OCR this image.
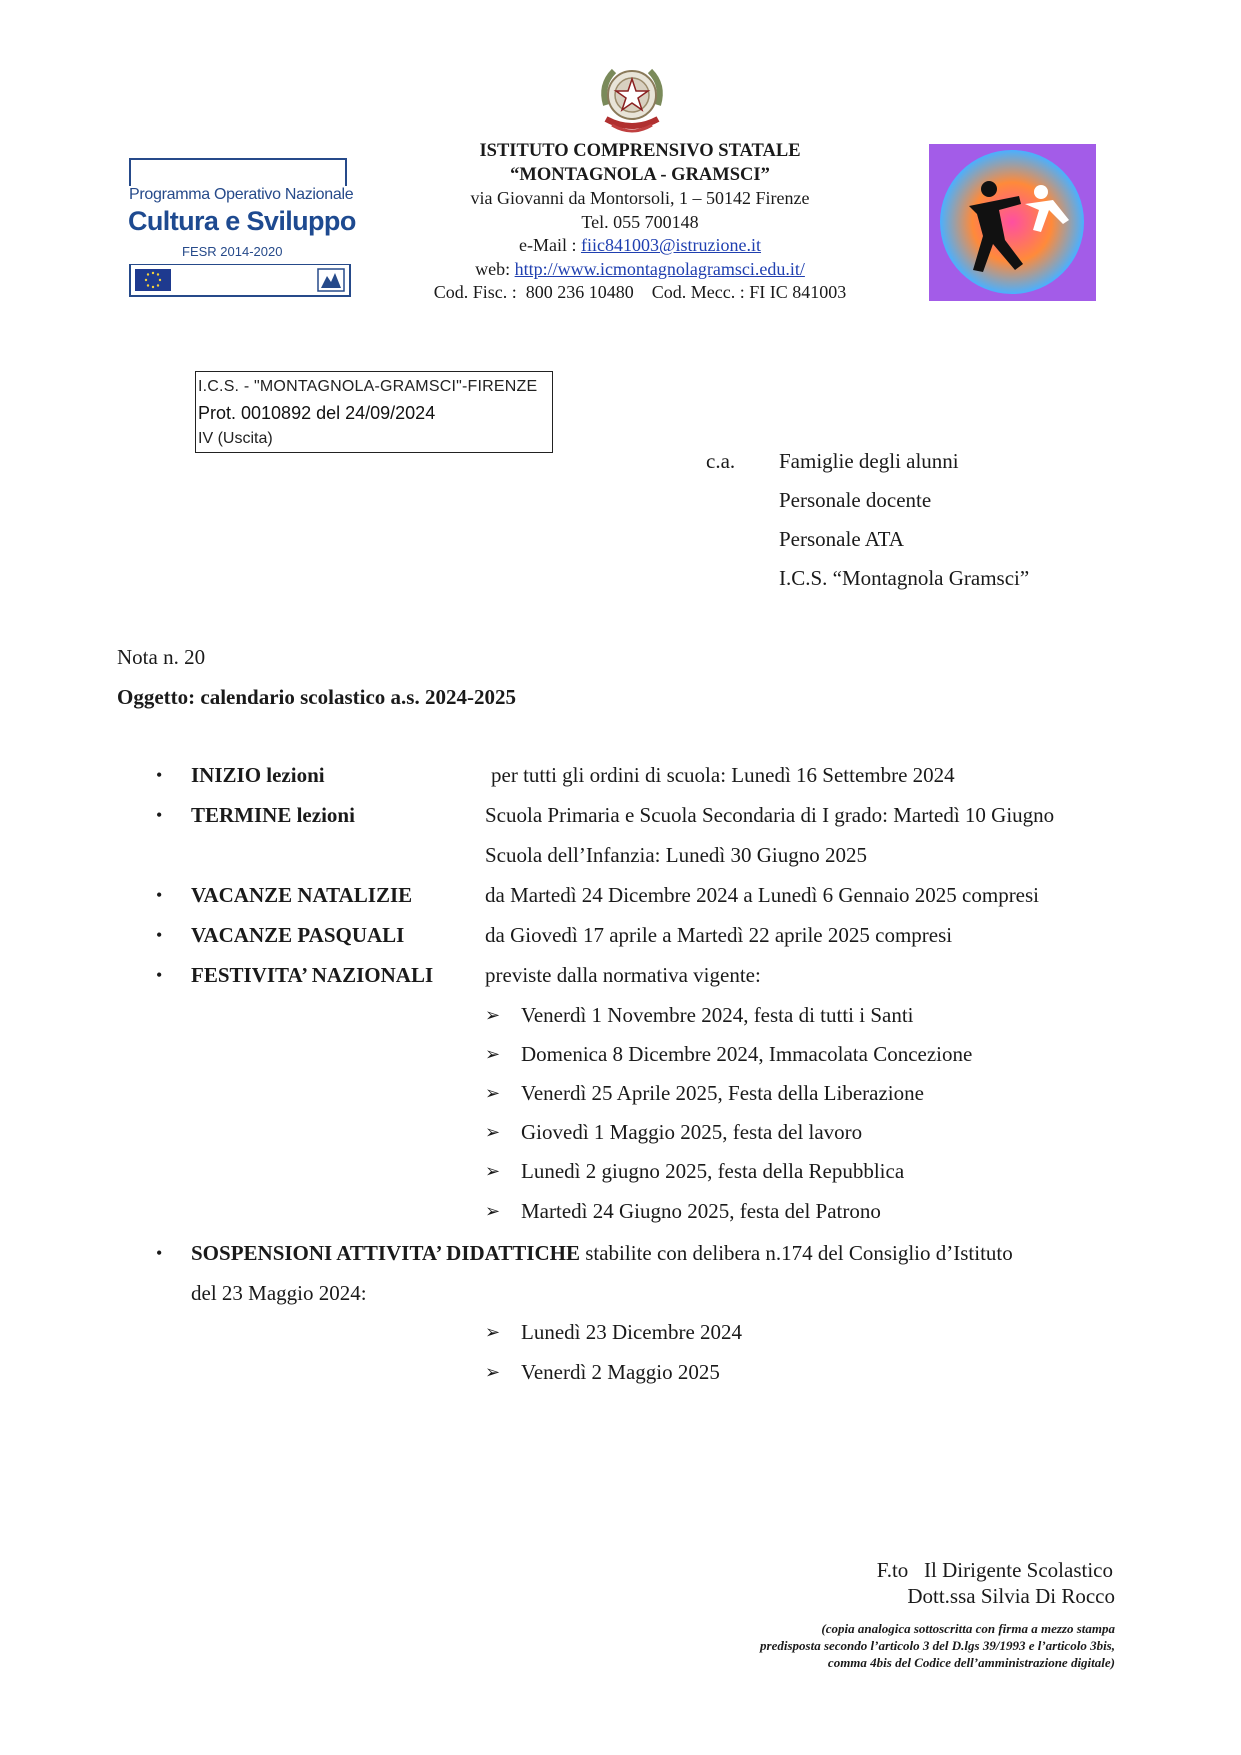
Programma Operativo Nazionale
Cultura e Sviluppo
FESR 2014-2020
ISTITUTO COMPRENSIVO STATALE
“MONTAGNOLA - GRAMSCI”
via Giovanni da Montorsoli, 1 – 50142 Firenze
Tel. 055 700148
e-Mail : fiic841003@istruzione.it
web: http://www.icmontagnolagramsci.edu.it/
Cod. Fisc. :  800 236 10480    Cod. Mecc. : FI IC 841003
I.C.S. - "MONTAGNOLA-GRAMSCI"-FIRENZE
Prot. 0010892 del 24/09/2024
IV (Uscita)
c.a. Famiglie degli alunni
Personale docente
Personale ATA
I.C.S. “Montagnola Gramsci”
Nota n. 20
Oggetto: calendario scolastico a.s. 2024-2025
• INIZIO lezioni	per tutti gli ordini di scuola: Lunedì 16 Settembre 2024
• TERMINE lezioni	Scuola Primaria e Scuola Secondaria di I grado: Martedì 10 Giugno
Scuola dell’Infanzia: Lunedì 30 Giugno 2025
• VACANZE NATALIZIE	da Martedì 24 Dicembre 2024 a Lunedì 6 Gennaio 2025 compresi
• VACANZE PASQUALI	da Giovedì 17 aprile a Martedì 22 aprile 2025 compresi
• FESTIVITA’ NAZIONALI previste dalla normativa vigente:
➢ Venerdì 1 Novembre 2024, festa di tutti i Santi
➢ Domenica 8 Dicembre 2024, Immacolata Concezione
➢ Venerdì 25 Aprile 2025, Festa della Liberazione
➢ Giovedì 1 Maggio 2025, festa del lavoro
➢ Lunedì 2 giugno 2025, festa della Repubblica
➢ Martedì 24 Giugno 2025, festa del Patrono
• SOSPENSIONI ATTIVITA’ DIDATTICHE stabilite con delibera n.174 del Consiglio d’Istituto
del 23 Maggio 2024:
➢ Lunedì 23 Dicembre 2024
➢ Venerdì 2 Maggio 2025
F.to   Il Dirigente Scolastico
Dott.ssa Silvia Di Rocco
(copia analogica sottoscritta con firma a mezzo stampa
predisposta secondo l’articolo 3 del D.lgs 39/1993 e l’articolo 3bis,
comma 4bis del Codice dell’amministrazione digitale)
